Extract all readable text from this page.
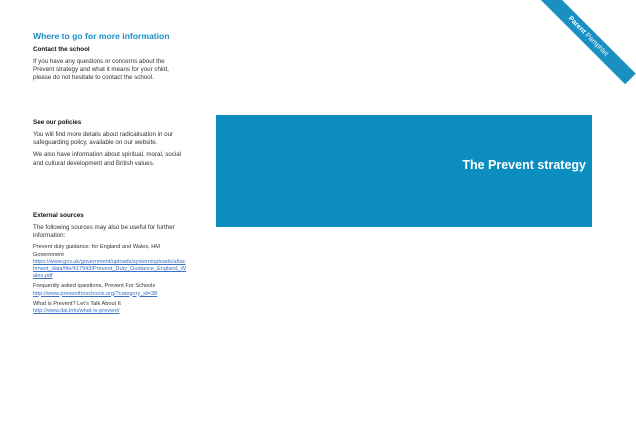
Where to go for more information
Contact the school
If you have any questions or concerns about the Prevent strategy and what it means for your child, please do not hesitate to contact the school.
See our policies
You will find more details about radicalisation in our safeguarding policy, available on our website.
We also have information about spiritual, moral, social and cultural development and British values.
External sources
The following sources may also be useful for further information:
Prevent duty guidance: for England and Wales, HM Government
https://www.gov.uk/government/uploads/system/uploads/attachment_data/file/417943/Prevent_Duty_Guidance_England_Wales.pdf
Frequently asked questions, Prevent For Schools
http://www.preventforschools.org/?category_id=38
What is Prevent? Let’s Talk About It
http://www.ltai.info/what-is-prevent/
The Prevent strategy
Parent Pamphlet
